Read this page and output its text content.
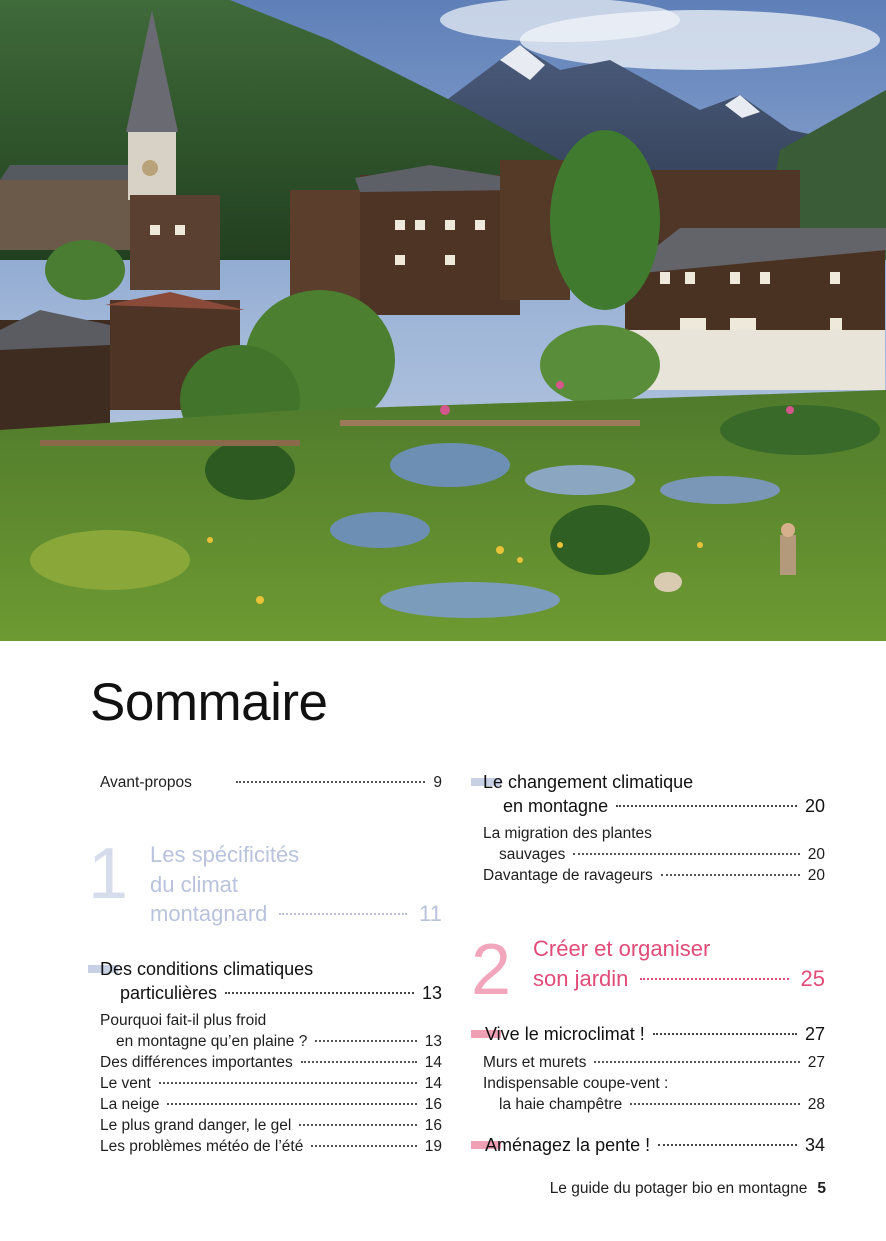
Sommaire
Avant-propos	9
1 Les spécificités
du climat
montagnard	11
Des conditions climatiques
particulières	13
Pourquoi fait-il plus froid
en montagne qu’en plaine ?	13
Des différences importantes	14
Le vent	14
La neige	16
Le plus grand danger, le gel	16
Les problèmes météo de l’été	19
Le changement climatique
en montagne	20
La migration des plantes
sauvages	20
Davantage de ravageurs	20
2 Créer et organiser
son jardin	25
Vive le microclimat !	27
Murs et murets	27
Indispensable coupe-vent :
la haie champêtre	28
Aménagez la pente !	34
Le guide du potager bio en montagne 5
